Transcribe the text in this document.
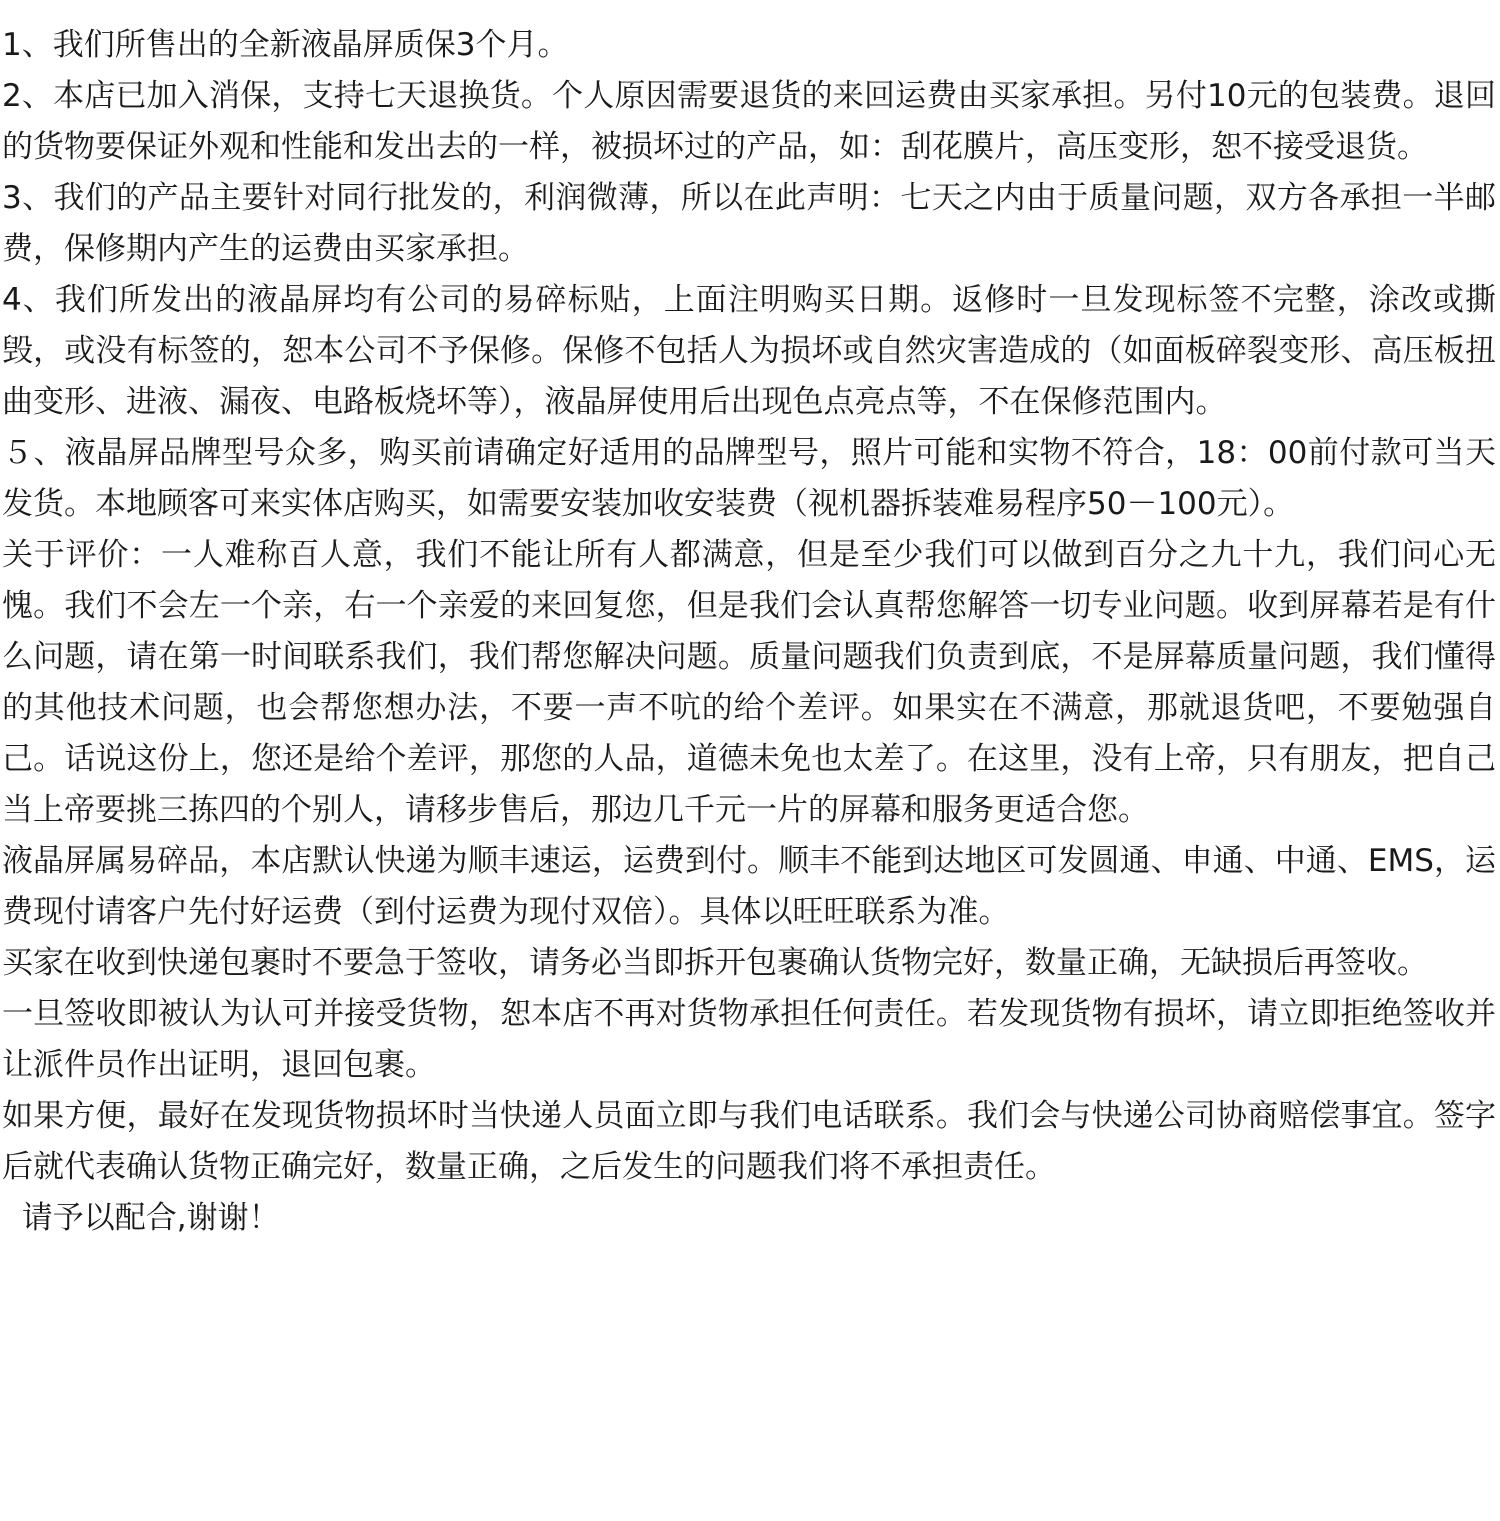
1、我们所售出的全新液晶屏质保3个月。

2、本店已加入消保，支持七天退换货。个人原因需要退货的来回运费由买家承担。另付10元的包装费。退回的货物要保证外观和性能和发出去的一样，被损坏过的产品，如：刮花膜片，高压变形，恕不接受退货。

3、我们的产品主要针对同行批发的，利润微薄，所以在此声明：七天之内由于质量问题，双方各承担一半邮费，保修期内产生的运费由买家承担。

4、我们所发出的液晶屏均有公司的易碎标贴，上面注明购买日期。返修时一旦发现标签不完整，涂改或撕毁，或没有标签的，恕本公司不予保修。保修不包括人为损坏或自然灾害造成的（如面板碎裂变形、高压板扭曲变形、进液、漏夜、电路板烧坏等），液晶屏使用后出现色点亮点等，不在保修范围内。

５、液晶屏品牌型号众多，购买前请确定好适用的品牌型号，照片可能和实物不符合，18：00前付款可当天发货。本地顾客可来实体店购买，如需要安装加收安装费（视机器拆装难易程序50－100元）。

关于评价：一人难称百人意，我们不能让所有人都满意，但是至少我们可以做到百分之九十九，我们问心无愧。我们不会左一个亲，右一个亲爱的来回复您，但是我们会认真帮您解答一切专业问题。收到屏幕若是有什么问题，请在第一时间联系我们，我们帮您解决问题。质量问题我们负责到底，不是屏幕质量问题，我们懂得的其他技术问题，也会帮您想办法，不要一声不吭的给个差评。如果实在不满意，那就退货吧，不要勉强自己。话说这份上，您还是给个差评，那您的人品，道德未免也太差了。在这里，没有上帝，只有朋友，把自己当上帝要挑三拣四的个别人，请移步售后，那边几千元一片的屏幕和服务更适合您。

液晶屏属易碎品，本店默认快递为顺丰速运，运费到付。顺丰不能到达地区可发圆通、申通、中通、EMS，运费现付请客户先付好运费（到付运费为现付双倍）。具体以旺旺联系为准。

买家在收到快递包裹时不要急于签收，请务必当即拆开包裹确认货物完好，数量正确，无缺损后再签收。

一旦签收即被认为认可并接受货物，恕本店不再对货物承担任何责任。若发现货物有损坏，请立即拒绝签收并让派件员作出证明，退回包裹。

如果方便，最好在发现货物损坏时当快递人员面立即与我们电话联系。我们会与快递公司协商赔偿事宜。签字后就代表确认货物正确完好，数量正确，之后发生的问题我们将不承担责任。

请予以配合,谢谢！
